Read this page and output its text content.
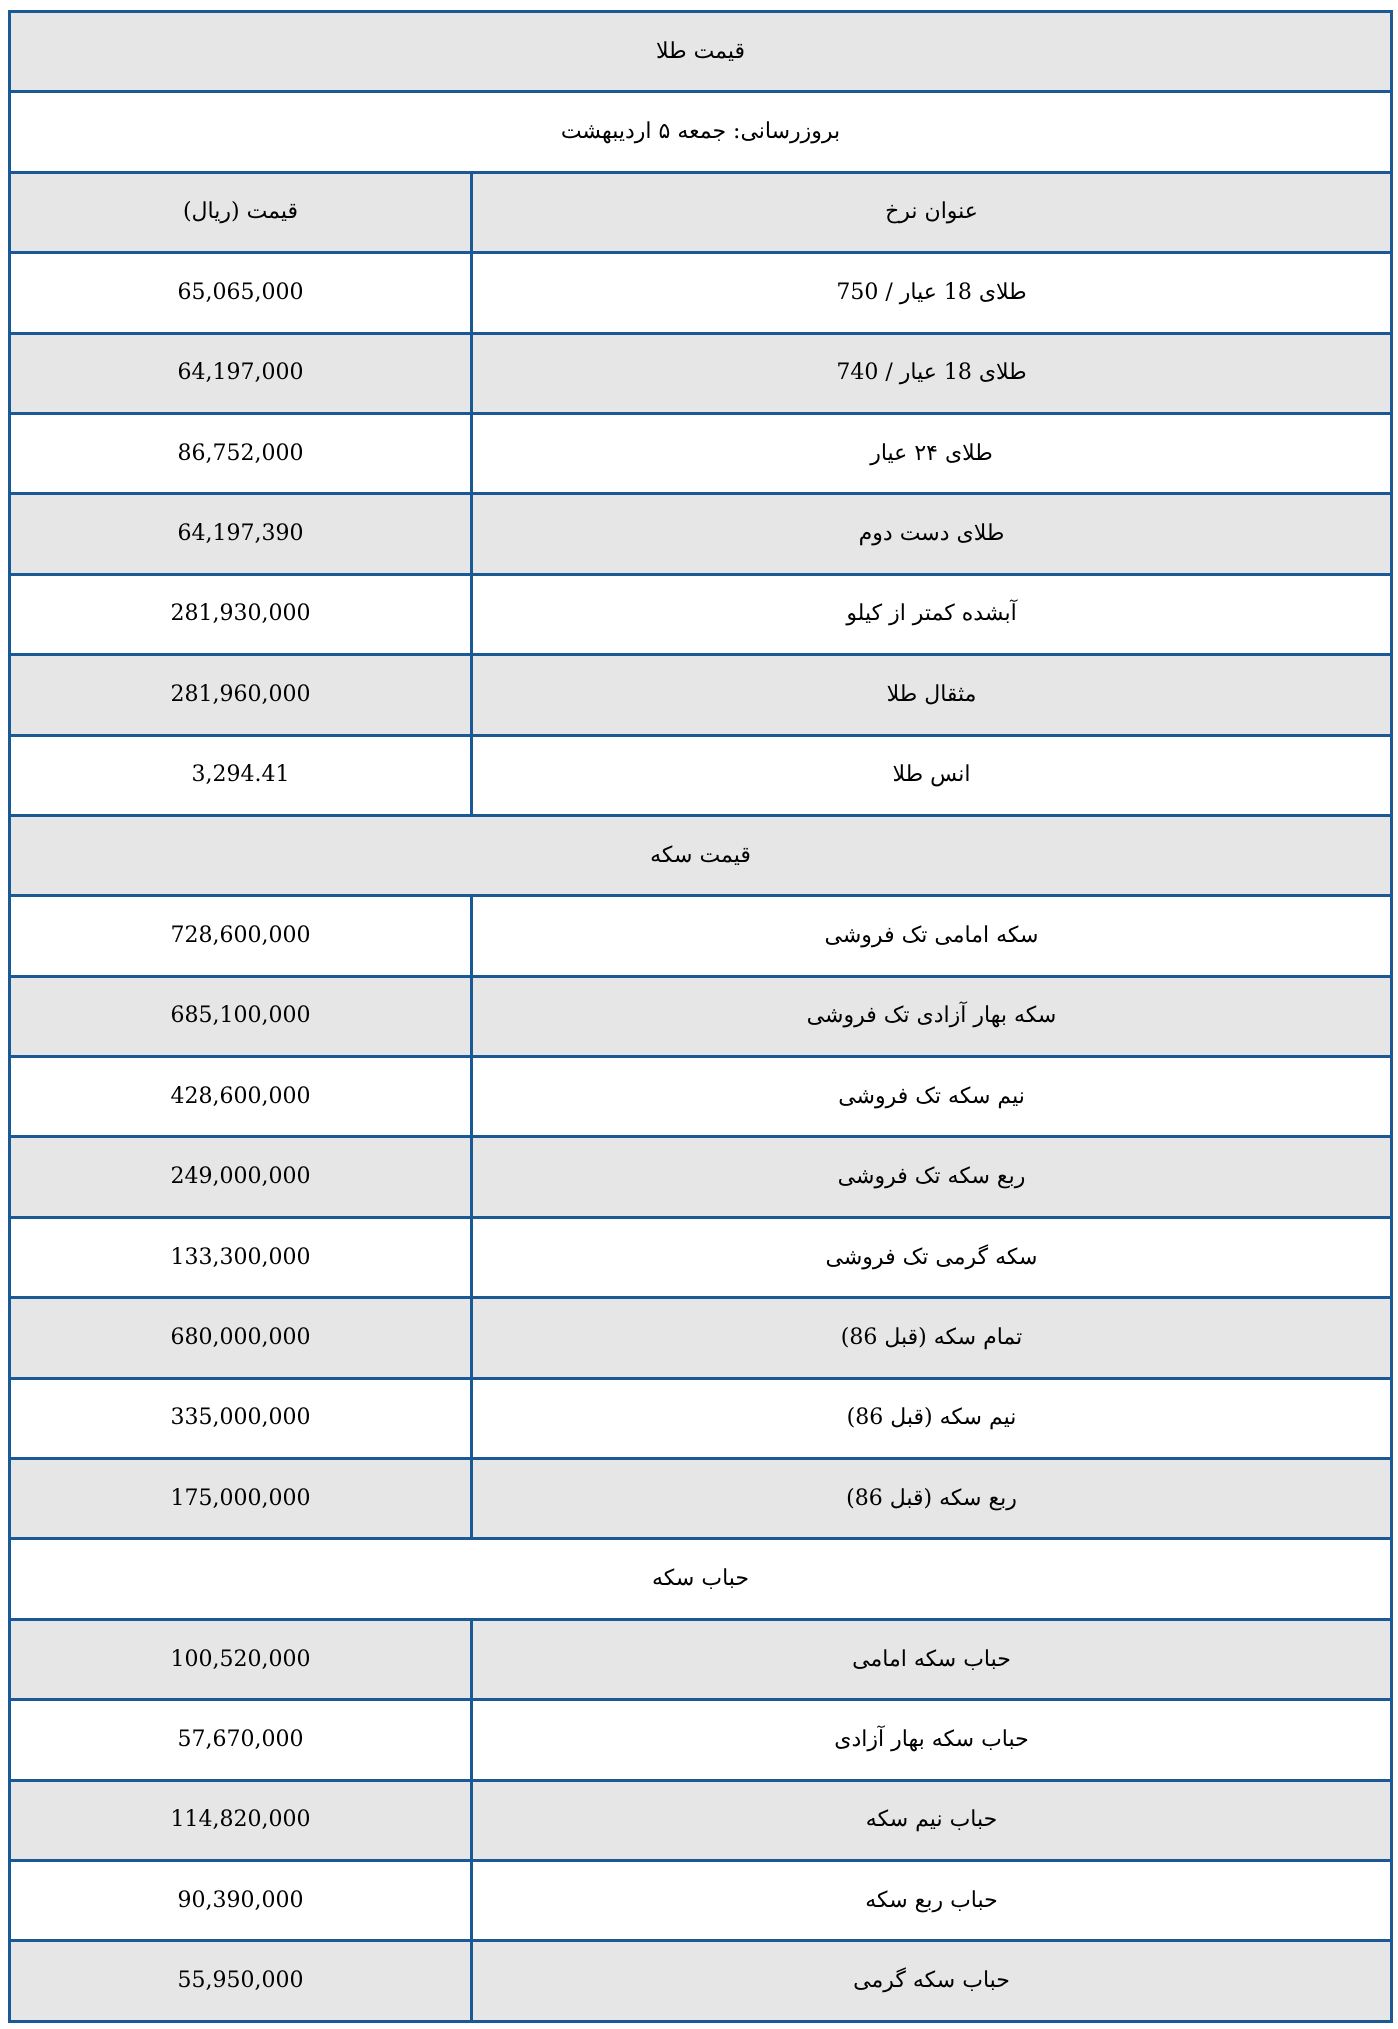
قیمت طلا	
بروزرسانی: جمعه ۵ اردیبهشت	
عنوان نرخ	قیمت (ریال)
طلای 18 عیار / 750	65,065,000
طلای 18 عیار / 740	64,197,000
طلای ۲۴ عیار	86,752,000
طلای دست دوم	64,197,390
آبشده کمتر از کیلو	281,930,000
مثقال طلا	281,960,000
انس طلا	3,294.41
قیمت سکه	
سکه امامی تک فروشی	728,600,000
سکه بهار آزادی تک فروشی	685,100,000
نیم سکه تک فروشی	428,600,000
ربع سکه تک فروشی	249,000,000
سکه گرمی تک فروشی	133,300,000
تمام سکه (قبل 86)	680,000,000
نیم سکه (قبل 86)	335,000,000
ربع سکه (قبل 86)	175,000,000
حباب سکه	
حباب سکه امامی	100,520,000
حباب سکه بهار آزادی	57,670,000
حباب نیم سکه	114,820,000
حباب ربع سکه	90,390,000
حباب سکه گرمی	55,950,000
